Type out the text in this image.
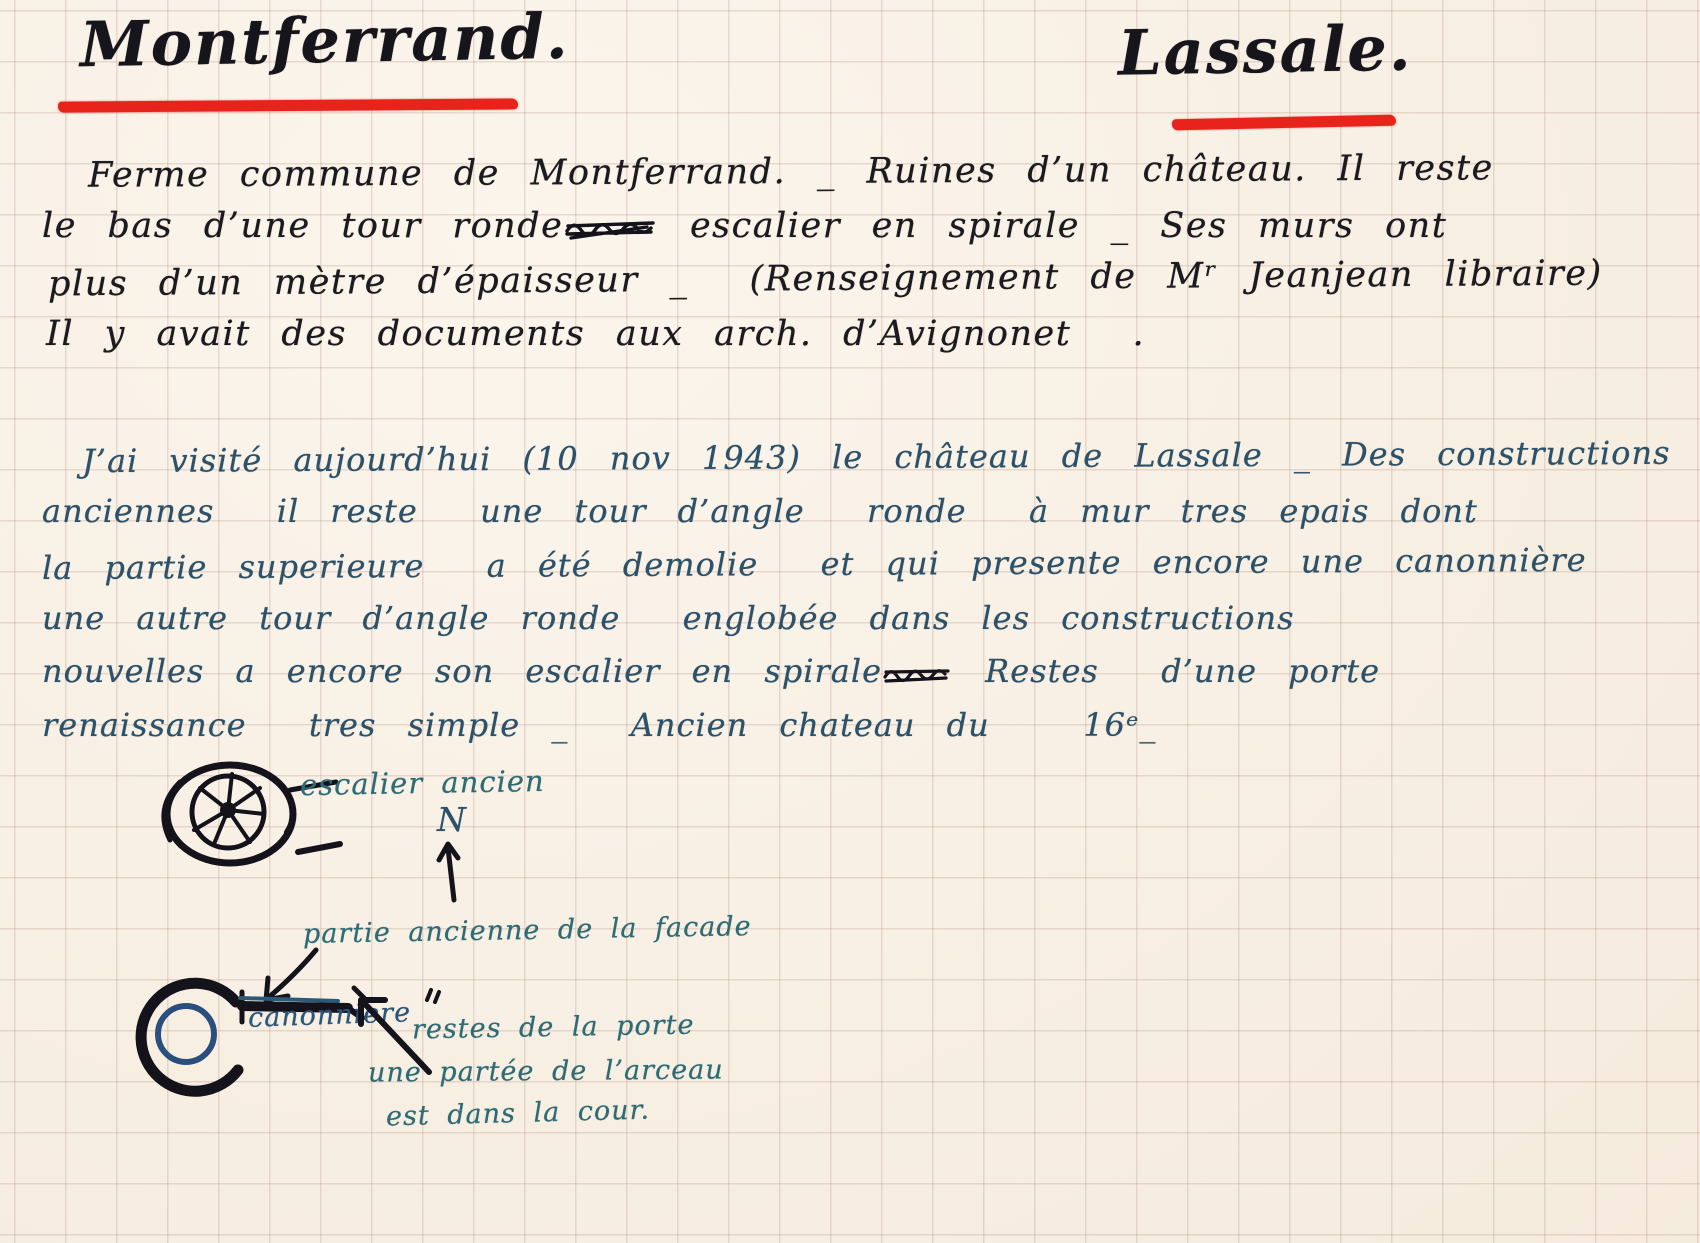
Montferrand.	Lassale.
Ferme commune de Montferrand. _ Ruines d’un château. Il reste
le bas d’une tour ronde	escalier en spirale _ Ses murs ont
plus d’un mètre d’épaisseur _  (Renseignement de Mʳ Jeanjean libraire)
Il y avait des documents aux arch. d’Avignonet  .
J’ai visité aujourd’hui (10 nov 1943) le château de Lassale _ Des constructions
anciennes  il reste  une tour d’angle  ronde  à mur tres epais dont
la partie superieure  a été demolie  et qui presente encore une canonnière
une autre tour d’angle ronde  englobée dans les constructions
nouvelles a encore son escalier en spirale Restes  d’une porte
renaissance  tres simple _  Ancien chateau du   16ᵉ_
escalier ancien
N
partie ancienne de la facade
canonniere restes de la porte
une partée de l’arceau
est dans la cour.
